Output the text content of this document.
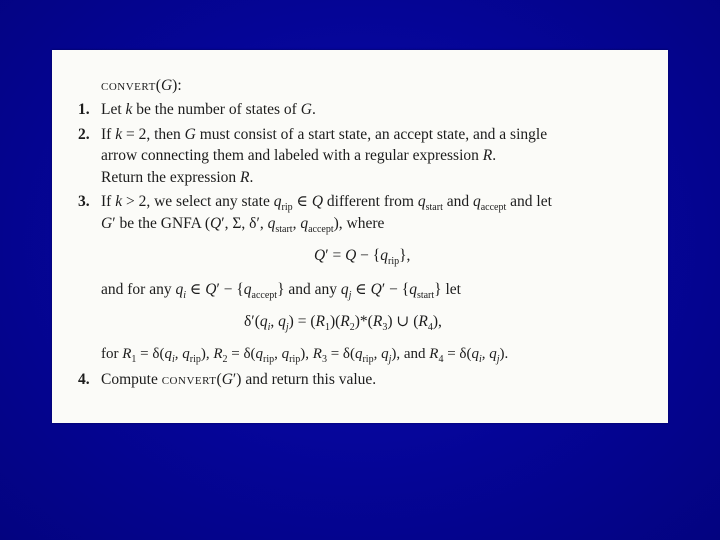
convert(G):
1. Let k be the number of states of G.
2. If k = 2, then G must consist of a start state, an accept state, and a single
arrow connecting them and labeled with a regular expression R.
Return the expression R.
3. If k > 2, we select any state $q_{rip}$ ∈ Q different from $q_{start}$ and $q_{accept}$ and let
G′ be the GNFA (Q′, Σ, δ′, $q_{start}$, $q_{accept}$), where
$Q' = Q - \{q_{rip}\}$,
and for any $q_i$ ∈ $Q' - \{q_{accept}\}$ and any $q_j$ ∈ $Q' - \{q_{start}\}$ let
$\delta'(q_i$, $q_j) = (R_1)(R_2)*(R_3)$ ∪ $(R_4)$,
for $R_1 = \delta(q_i$, $q_{rip}$), $R_2 = \delta(q_{rip}$, $q_{rip}$), $R_3 = \delta(q_{rip}$, $q_j$), and $R_4 = \delta(q_i$, $q_j$).
4. Compute convert(G′) and return this value.
